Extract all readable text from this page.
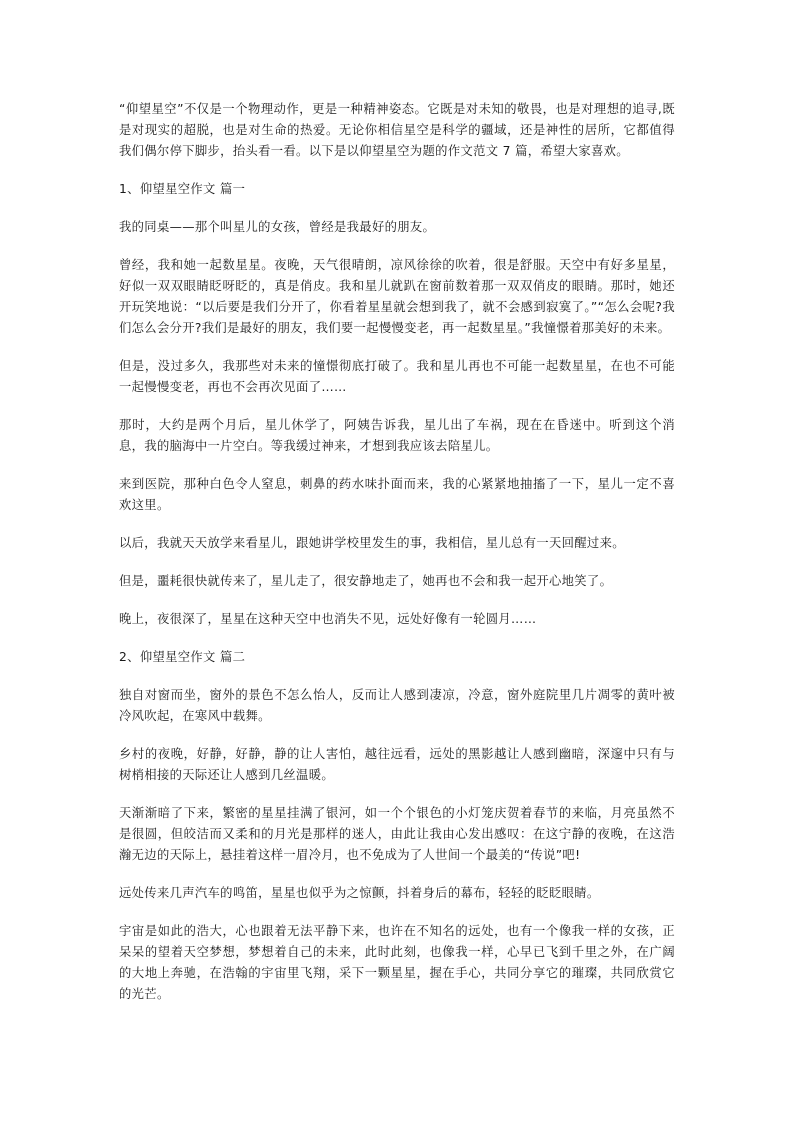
“仰望星空”不仅是一个物理动作，更是一种精神姿态。它既是对未知的敬畏，也是对理想的追寻,既是对现实的超脱，也是对生命的热爱。无论你相信星空是科学的疆域，还是神性的居所，它都值得我们偶尔停下脚步，抬头看一看。以下是以仰望星空为题的作文范文 7 篇，希望大家喜欢。

1、仰望星空作文 篇一

我的同桌——那个叫星儿的女孩，曾经是我最好的朋友。

曾经，我和她一起数星星。夜晚，天气很晴朗，凉风徐徐的吹着，很是舒服。天空中有好多星星，好似一双双眼睛眨呀眨的，真是俏皮。我和星儿就趴在窗前数着那一双双俏皮的眼睛。那时，她还开玩笑地说：“以后要是我们分开了，你看着星星就会想到我了，就不会感到寂寞了。”“怎么会呢?我们怎么会分开?我们是最好的朋友，我们要一起慢慢变老，再一起数星星。”我憧憬着那美好的未来。

但是，没过多久，我那些对未来的憧憬彻底打破了。我和星儿再也不可能一起数星星，在也不可能一起慢慢变老，再也不会再次见面了……

那时，大约是两个月后，星儿休学了，阿姨告诉我，星儿出了车祸，现在在昏迷中。听到这个消息，我的脑海中一片空白。等我缓过神来，才想到我应该去陪星儿。

来到医院，那种白色令人窒息，刺鼻的药水味扑面而来，我的心紧紧地抽搐了一下，星儿一定不喜欢这里。

以后，我就天天放学来看星儿，跟她讲学校里发生的事，我相信，星儿总有一天回醒过来。

但是，噩耗很快就传来了，星儿走了，很安静地走了，她再也不会和我一起开心地笑了。

晚上，夜很深了，星星在这种天空中也消失不见，远处好像有一轮圆月……

2、仰望星空作文 篇二

独自对窗而坐，窗外的景色不怎么怡人，反而让人感到凄凉，冷意，窗外庭院里几片凋零的黄叶被冷风吹起，在寒风中载舞。

乡村的夜晚，好静，好静，静的让人害怕，越往远看，远处的黑影越让人感到幽暗，深邃中只有与树梢相接的天际还让人感到几丝温暖。

天渐渐暗了下来，繁密的星星挂满了银河，如一个个银色的小灯笼庆贺着春节的来临，月亮虽然不是很圆，但皎洁而又柔和的月光是那样的迷人，由此让我由心发出感叹：在这宁静的夜晚，在这浩瀚无边的天际上，悬挂着这样一眉冷月，也不免成为了人世间一个最美的“传说”吧!

远处传来几声汽车的鸣笛，星星也似乎为之惊颤，抖着身后的幕布，轻轻的眨眨眼睛。

宇宙是如此的浩大，心也跟着无法平静下来，也许在不知名的远处，也有一个像我一样的女孩，正呆呆的望着天空梦想，梦想着自己的未来，此时此刻，也像我一样，心早已飞到千里之外，在广阔的大地上奔驰，在浩翰的宇宙里飞翔，采下一颗星星，握在手心，共同分享它的璀璨，共同欣赏它的光芒。
